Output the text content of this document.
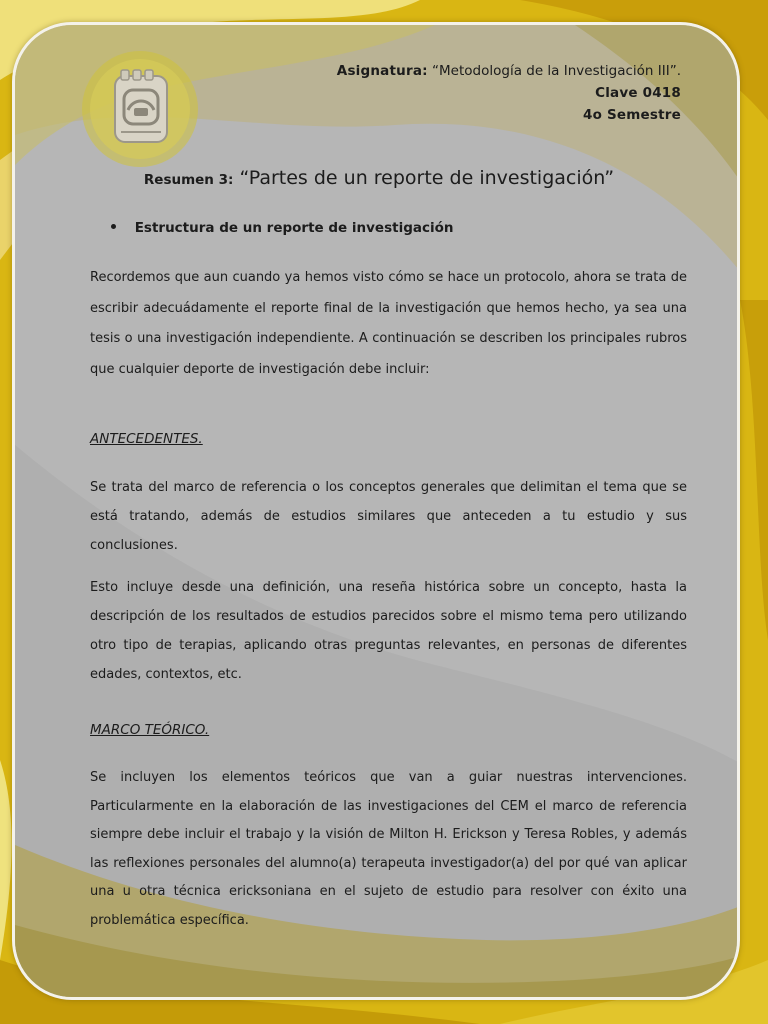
Asignatura: “Metodología de la Investigación III”.
Clave 0418
4o Semestre
Resumen 3: “Partes de un reporte de investigación”
Estructura de un reporte de investigación
Recordemos que aun cuando ya hemos visto cómo se hace un protocolo, ahora se trata de escribir adecuádamente el reporte final de la investigación que hemos hecho, ya sea una tesis o una investigación independiente. A continuación se describen los principales rubros que cualquier deporte de investigación debe incluir:
ANTECEDENTES.
Se trata del marco de referencia o los conceptos generales que delimitan el tema que se está tratando, además de estudios similares que anteceden a tu estudio y sus conclusiones.
Esto incluye desde una definición, una reseña histórica sobre un concepto, hasta la descripción de los resultados de estudios parecidos sobre el mismo tema pero utilizando otro tipo de terapias, aplicando otras preguntas relevantes, en personas de diferentes edades, contextos, etc.
MARCO TEÓRICO.
Se incluyen los elementos teóricos que van a guiar nuestras intervenciones. Particularmente en la elaboración de las investigaciones del CEM el marco de referencia siempre debe incluir el trabajo y la visión de Milton H. Erickson y Teresa Robles, y además las reflexiones personales del alumno(a) terapeuta investigador(a) del por qué van aplicar una u otra técnica ericksoniana en el sujeto de estudio para resolver con éxito una problemática específica.
